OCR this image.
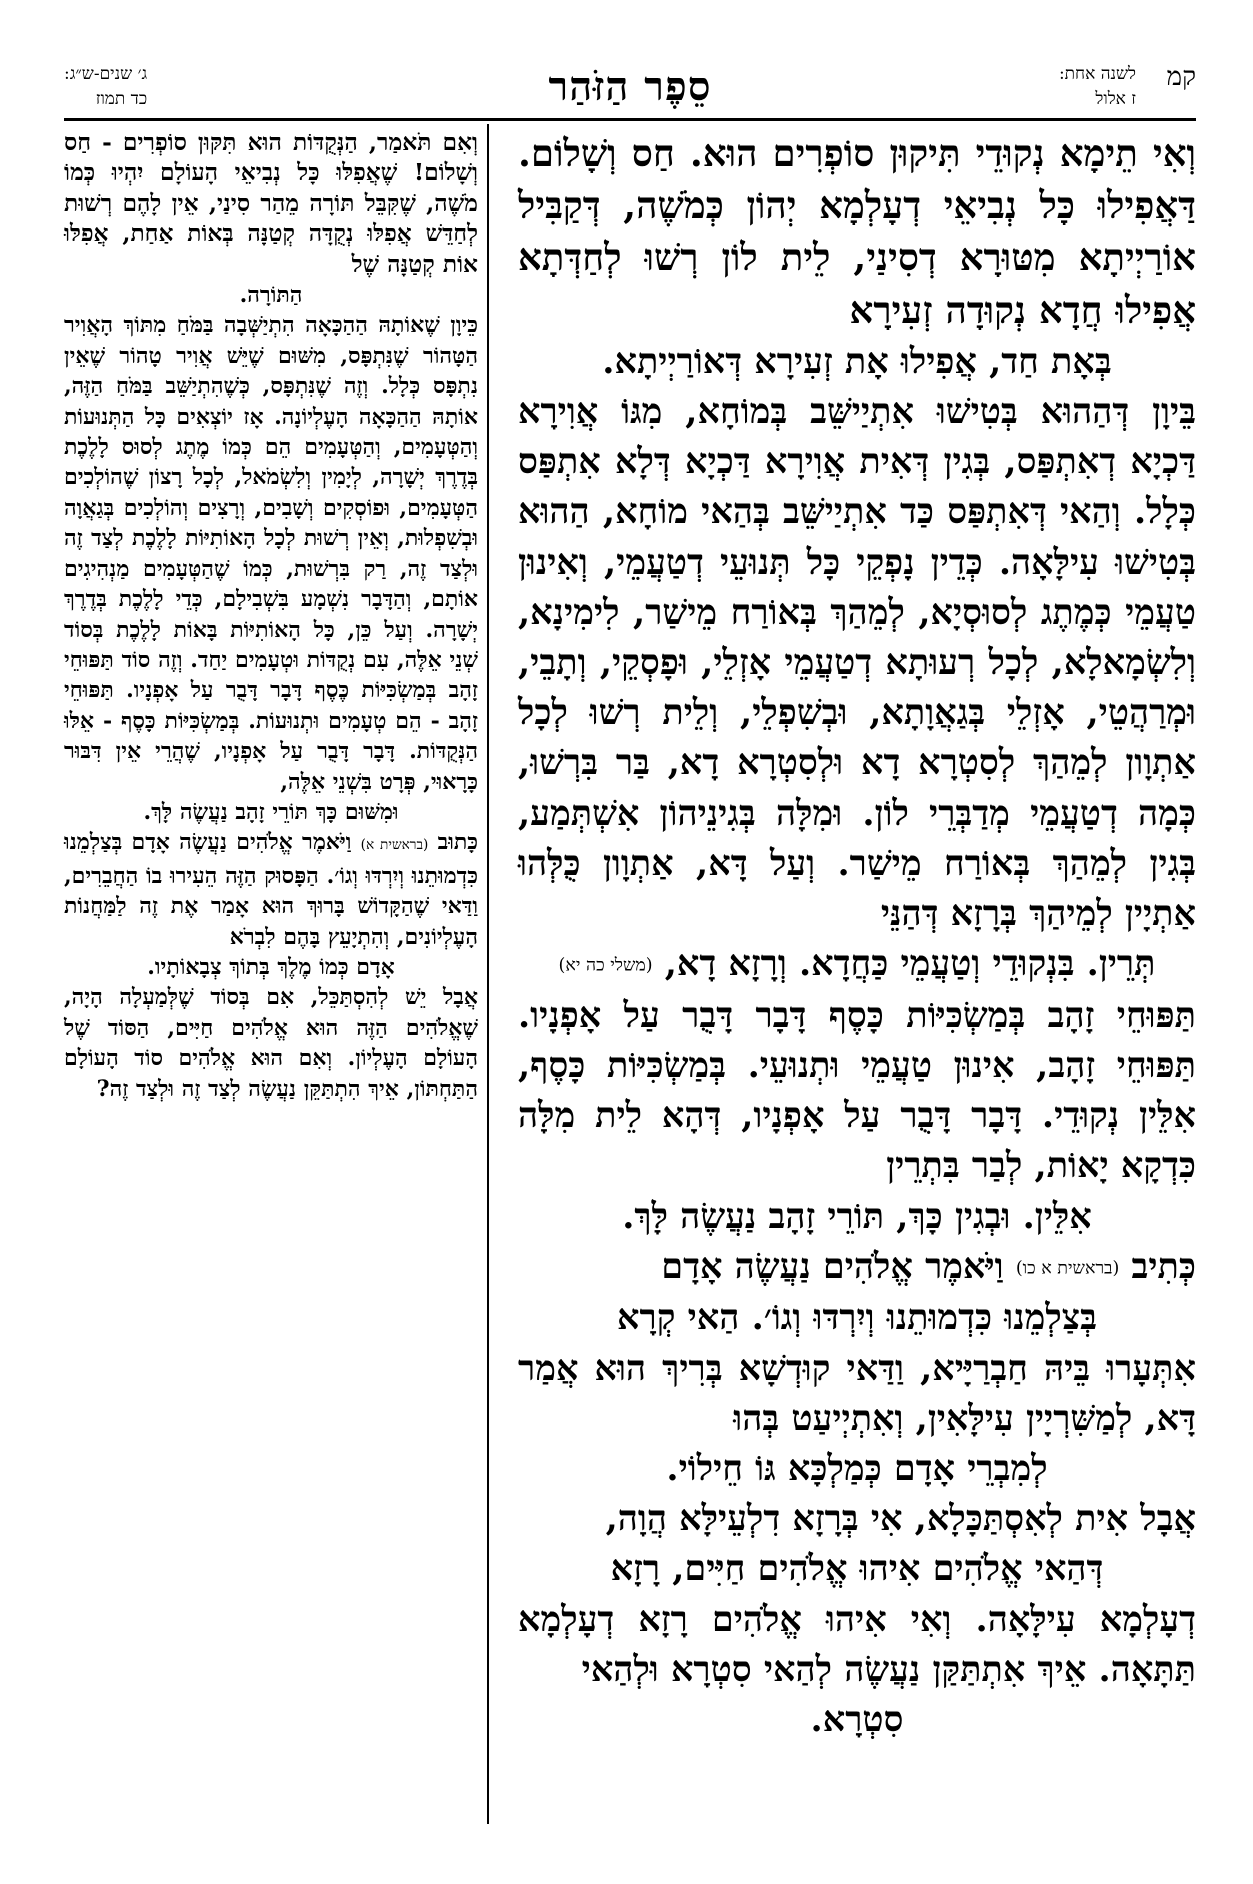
קמ
לשנה אחת:
ז אלול
סֵפֶר הַזֹּהַר
ג׳ שנים-ש״ג:
כד תמוז

וְאִי תֵימָא נְקוּדֵי תִּיקוּן סוֹפְרִים הוּא. חַס וְשָׁלוֹם. דַּאֲפִילוּ כָּל נְבִיאֵי דְעָלְמָא יְהוֹן כְּמֹשֶׁה, דְּקַבִּיל אוֹרַיְיתָא מִטּוּרָא דְסִינַי, לֵית לוֹן רְשׁוּ לְחַדְּתָא אֲפִילוּ חֲדָא נְקוּדָה זְעִירָא

בְּאָת חַד, אֲפִילוּ אָת זְעִירָא דְּאוֹרַיְיתָא.

בֵּיוָן דְּהַהוּא בְּטִישׁוּ אִתְיַישֵּׁב בְּמוֹחָא, מִגּוֹ אֲוִירָא דַּכְיָא דְאִתְפַּס, בְּגִין דְּאִית אֲוִירָא דַּכְיָא דְּלָא אִתְפַּס כְּלָל. וְהַאי דְּאִתְפַּס כַּד אִתְיַישֵּׁב בְּהַאי מוֹחָא, הַהוּא בְּטִישׁוּ עִילָּאָה. כְּדֵין נָפְקֵי כָּל תְּנוּעֵי דְטַעֲמֵי, וְאִינוּן טַעֲמֵי כְּמֶתֶג לְסוּסְיָא, לְמֵהַךְ בְּאוֹרַח מֵישַׁר, לִימִינָא, וְלִשְׂמָאלָא, לְכָל רְעוּתָא דְטַעֲמֵי אָזְלֵי, וּפָסְקֵי, וְתָבֵי, וּמְרַהֲטֵי, אָזְלֵי בְּגַאֲוָתָא, וּבְשִׁפְלֵי, וְלֵית רְשׁוּ לְכָל אַתְוָון לְמֵהַךְ לְסִטְרָא דָא וּלְסִטְרָא דָא, בַּר בִּרְשׁוּ, כְּמָה דְטַעֲמֵי מְדַבְּרֵי לוֹן. וּמִלָּה בְּגִינֵיהוֹן אִשְׁתְּמַע, בְּגִין לְמֵהַךְ בְּאוֹרַח מֵישַׁר. וְעַל דָּא, אַתְוָון כֻּלְּהוּ אַתְיָין לְמֵיהַךְ בְּרָזָא דְּהַנֵּי

תְּרֵין. בִּנְקוּדֵי וְטַעֲמֵי כַּחֲדָא. וְרָזָא דָא, (משלי כה יא)

תַּפּוּחֵי זָהָב בְּמַשְׂכִּיּוֹת כָּסֶף דָּבָר דָּבֻר עַל אָפְנָיו. תַּפּוּחֵי זָהָב, אִינוּן טַעֲמֵי וּתְנוּעֵי. בְּמַשְׂכִּיּוֹת כָּסֶף, אִלֵּין נְקוּדֵי. דָּבָר דָּבֻר עַל אָפְנָיו, דְּהָא לֵית מִלָּה כִּדְקָא יָאוֹת, לְבַר בִּתְרֵין

אִלֵּין. וּבְגִין כָּךְ, תּוֹרֵי זָהָב נַעֲשֶׂה לָּךְ.

כְּתִיב (בראשית א כו) וַיֹּאמֶר אֱלֹהִים נַעֲשֶׂה אָדָם

בְּצַלְמֵנוּ כִּדְמוּתֵנוּ וְיִרְדּוּ וְגוֹ׳. הַאי קְרָא

אִתְּעָרוּ בֵּיהּ חַבְרַיָּיא, וַדַּאי קוּדְשָׁא בְּרִיךְ הוּא אֲמַר דָּא, לְמַשִּׁרְיָין עִילָּאִין, וְאִתְיְיעַט בְּהוּ

לְמִבְרֵי אָדָם כְּמַלְכָּא גּוֹ חֵילוֹי.

אֲבָל אִית לְאִסְתַּכָּלָא, אִי בְּרָזָא דִלְעֵילָּא הֲוָה,

דְּהַאי אֱלֹהִים אִיהוּ אֱלֹהִים חַיִּים, רָזָא

דְעָלְמָא עִילָּאָה. וְאִי אִיהוּ אֱלֹהִים רָזָא דְעָלְמָא תַּתָּאָה. אֵיךְ אִתְתַּקַּן נַעֲשֶׂה לְהַאי סִטְרָא וּלְהַאי

סִטְרָא.

וְאִם תֹּאמַר, הַנְּקֻדּוֹת הוּא תִּקּוּן סוֹפְרִים - חַס וְשָׁלוֹם! שֶׁאֲפִלּוּ כָּל נְבִיאֵי הָעוֹלָם יִהְיוּ כְּמוֹ מֹשֶׁה, שֶׁקִּבֵּל תּוֹרָה מֵהַר סִינַי, אֵין לָהֶם רְשׁוּת לְחַדֵּשׁ אֲפִלּוּ נְקֻדָּה קְטַנָּה בְּאוֹת אַחַת, אֲפִלּוּ אוֹת קְטַנָּה שֶׁל

הַתּוֹרָה.

כֵּיוָן שֶׁאוֹתָהּ הַהַכָּאָה הִתְיַשְּׁבָה בַּמֹּחַ מִתּוֹךְ הָאֲוִיר הַטָּהוֹר שֶׁנִּתְפָּס, מִשּׁוּם שֶׁיֵּשׁ אֲוִיר טָהוֹר שֶׁאֵין נִתְפָּס כְּלָל. וְזֶה שֶׁנִּתְפָּס, כְּשֶׁהִתְיַשֵּׁב בַּמֹּחַ הַזֶּה, אוֹתָהּ הַהַכָּאָה הָעֶלְיוֹנָה. אָז יוֹצְאִים כָּל הַתְּנוּעוֹת וְהַטְּעָמִים, וְהַטְּעָמִים הֵם כְּמוֹ מֶתֶג לְסוּס לָלֶכֶת בְּדֶרֶךְ יְשָׁרָה, לְיָמִין וְלִשְׂמֹאל, לְכָל רָצוֹן שֶׁהוֹלְכִים הַטְּעָמִים, וּפוֹסְקִים וְשָׁבִים, וְרָצִים וְהוֹלְכִים בְּגַאֲוָה וּבְשִׁפְלוּת, וְאֵין רְשׁוּת לְכָל הָאוֹתִיּוֹת לָלֶכֶת לְצַד זֶה וּלְצַד זֶה, רַק בִּרְשׁוּת, כְּמוֹ שֶׁהַטְּעָמִים מַנְהִיגִים אוֹתָם, וְהַדָּבָר נִשְׁמָע בִּשְׁבִילָם, כְּדֵי לָלֶכֶת בְּדֶרֶךְ יְשָׁרָה. וְעַל כֵּן, כָּל הָאוֹתִיּוֹת בָּאוֹת לָלֶכֶת בְּסוֹד שְׁנֵי אֵלֶּה, עִם נְקֻדּוֹת וּטְעָמִים יַחַד. וְזֶה סוֹד תַּפּוּחֵי זָהָב בְּמַשְׂכִּיּוֹת כֶּסֶף דָּבָר דָּבֻר עַל אָפְנָיו. תַּפּוּחֵי זָהָב - הֵם טְעָמִים וּתְנוּעוֹת. בְּמַשְׂכִּיּוֹת כָּסֶף - אֵלּוּ הַנְּקֻדּוֹת. דָּבָר דָּבֻר עַל אָפְנָיו, שֶׁהֲרֵי אֵין דִּבּוּר כָּרָאוּי, פְּרָט בִּשְׁנֵי אֵלֶּה,

וּמִשּׁוּם כָּךְ תּוֹרֵי זָהָב נַעֲשֶׂה לָּךְ.

כָּתוּב (בראשית א) וַיֹּאמֶר אֱלֹהִים נַעֲשֶׂה אָדָם בְּצַלְמֵנוּ כִּדְמוּתֵנוּ וְיִרְדּוּ וְגוֹ׳. הַפָּסוּק הַזֶּה הֵעִירוּ בוֹ הַחֲבֵרִים, וַדַּאי שֶׁהַקָּדוֹשׁ בָּרוּךְ הוּא אָמַר אֶת זֶה לַמַּחֲנוֹת הָעֶלְיוֹנִים, וְהִתְיָעֵץ בָּהֶם לִבְרֹא

אָדָם כְּמוֹ מֶלֶךְ בְּתוֹךְ צְבָאוֹתָיו.

אֲבָל יֵשׁ לְהִסְתַּכֵּל, אִם בְּסוֹד שֶׁלְּמַעְלָה הָיָה, שֶׁאֱלֹהִים הַזֶּה הוּא אֱלֹהִים חַיִּים, הַסּוֹד שֶׁל הָעוֹלָם הָעֶלְיוֹן. וְאִם הוּא אֱלֹהִים סוֹד הָעוֹלָם הַתַּחְתּוֹן, אֵיךְ הִתְתַּקֵּן נַעֲשֶׂה לְצַד זֶה וּלְצַד זֶה?
